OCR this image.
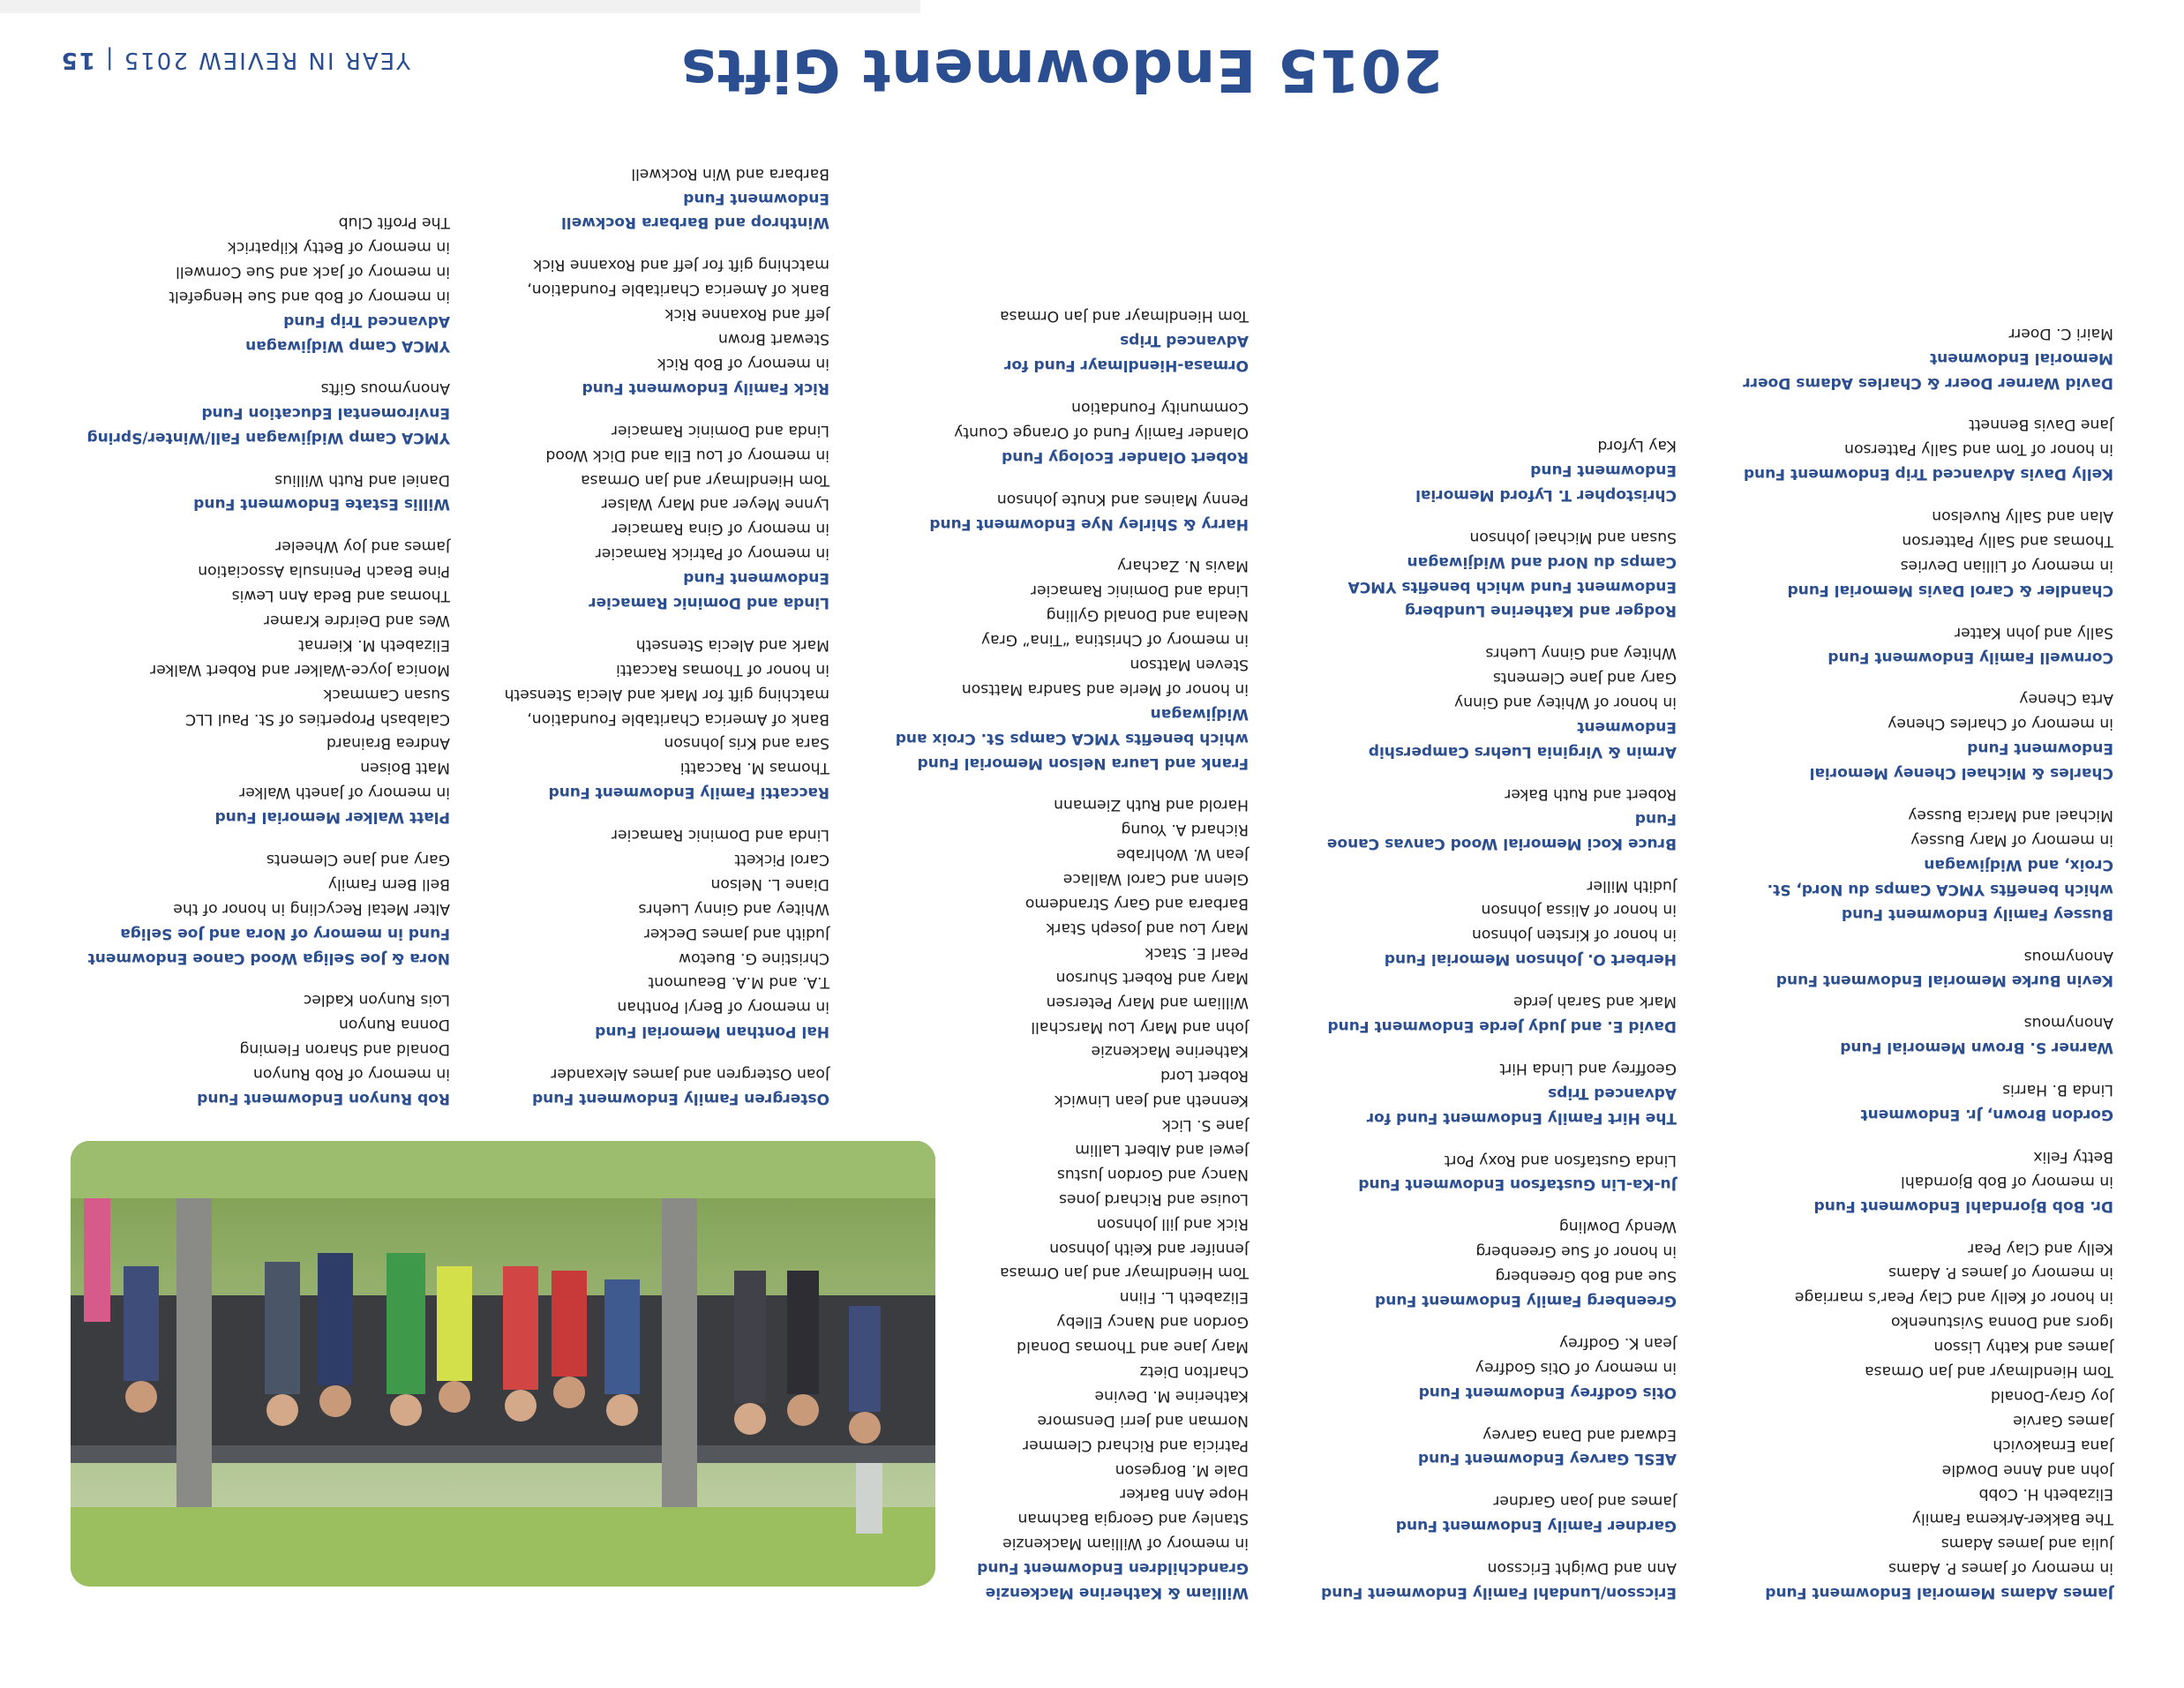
2015 Endowment Gifts
James Adams Memorial Endowment Fund
in memory of James P. Adams
Julia and James Adams
The Bakker-Arkema Family
Elizabeth H. Cobb
John and Anne Dowdle
Jana Ernakovich
James Garvie
Joy Gray-Donald
Tom Hiendlmayr and Jan Ormasa
James and Kathy Lisson
Igors and Donna Svistunenko
in honor of Kelly and Clay Pear’s marriage
in memory of James P. Adams
Kelly and Clay Pear
Dr. Bob Bjorndahl Endowment Fund
in memory of Bob Bjorndahl
Betty Felix
Gordon Brown, Jr. Endowment
Linda B. Harris
Warner S. Brown Memorial Fund
Anonymous
Kevin Burke Memorial Endowment Fund
Anonymous
Bussey Family Endowment Fund
which benefits YMCA Camps du Nord, St.
Croix, and Widjiwagan
in memory of Mary Bussey
Michael and Marcia Bussey
Charles & Michael Cheney Memorial
Endowment Fund
in memory of Charles Cheney
Arta Cheney
Cornwell Family Endowment Fund
Sally and John Katter
Chandler & Carol Davis Memorial Fund
in memory of Lillian Devries
Thomas and Sally Patterson
Alan and Sally Ruvelson
Kelly Davis Advanced Trip Endowment Fund
in honor of Tom and Sally Patterson
Jane Davis Bennett
David Warner Doerr & Charles Adams Doerr
Memorial Endowment
Mairi C. Doerr
Ericsson/Lundahl Family Endowment Fund
Ann and Dwight Ericsson
Gardner Family Endowment Fund
James and Joan Gardner
AESL Garvey Endowment Fund
Edward and Dana Garvey
Otis Godfrey Endowment Fund
in memory of Otis Godfrey
Jean K. Godfrey
Greenberg Family Endowment Fund
Sue and Bob Greenberg
in honor of Sue Greenberg
Wendy Dowling
Ju-Ka-Lin Gustafson Endowment Fund
Linda Gustafson and Roxy Port
The Hirt Family Endowment Fund for
Advanced Trips
Geoffrey and Linda Hirt
David E. and Judy Jerde Endowment Fund
Mark and Sarah Jerde
Herbert O. Johnson Memorial Fund
in honor of Kirsten Johnson
in honor of Alissa Johnson
Judith Miller
Bruce Koci Memorial Wood Canvas Canoe
Fund
Robert and Ruth Baker
Armin & Virginia Luehrs Campership
Endowment
in honor of Whitey and Ginny
Gary and Jane Clements
Whitey and Ginny Luehrs
Rodger and Katherine Lundberg
Endowment Fund which benefits YMCA
Camps du Nord and Widjiwagan
Susan and Michael Johnson
Christopher T. Lyford Memorial
Endowment Fund
Kay Lyford
William & Katherine Mackenzie
Grandchildren Endowment Fund
in memory of William Mackenzie
Stanley and Georgia Bachman
Hope Ann Barker
Dale M. Borgeson
Patricia and Richard Clemmer
Norman and Jerri Densmore
Katherine M. Devine
Charlton Dietz
Mary Jane and Thomas Donald
Gordon and Nancy Elleby
Elizabeth L. Flinn
Tom Hiendlmayr and Jan Ormasa
Jennifer and Keith Johnson
Rick and Jill Johnson
Louise and Richard Jones
Nancy and Gordon Justus
Jewel and Albert Lallim
Jane S. Lick
Kenneth and Jean Linwick
Robert Lord
Katherine Mackenzie
John and Mary Lou Marschall
William and Mary Petersen
Mary and Robert Shurson
Pearl E. Stack
Mary Lou and Joseph Stark
Barbara and Gary Strandemo
Glenn and Carol Wallace
Jean W. Wohlrabe
Richard A. Young
Harold and Ruth Ziemann
Frank and Laura Nelson Memorial Fund
which benefits YMCA Camps St. Croix and
Widjiwagan
in honor of Merle and Sandra Mattson
Steven Mattson
in memory of Christina “Tina” Gray
Nealna and Donald Gylling
Linda and Dominic Ramacier
Mavis N. Zachary
Harry & Shirley Nye Endowment Fund
Penny Maines and Knute Johnson
Robert Olander Ecology Fund
Olander Family Fund of Orange County
Community Foundation
Ormasa-Hiendlmayr Fund for
Advanced Trips
Tom Hiendlmayr and Jan Ormasa
Ostergren Family Endowment Fund
Joan Ostergren and James Alexander
Hal Ponthan Memorial Fund
in memory of Beryl Ponthan
T.A. and M.A. Beaumont
Christine G. Buetow
Judith and James Decker
Whitey and Ginny Luehrs
Diane L. Nelson
Carol Pickett
Linda and Dominic Ramacier
Raccatti Family Endowment Fund
Thomas M. Raccatti
Sara and Kris Johnson
Bank of America Charitable Foundation,
matching gift for Mark and Alecia Stenseth
in honor of Thomas Raccatti
Mark and Alecia Stenseth
Linda and Dominic Ramacier
Endowment Fund
in memory of Patrick Ramacier
in memory of Gina Ramacier
Lynne Meyer and Mary Walser
Tom Hiendlmayr and Jan Ormasa
in memory of Lou Ella and Dick Wood
Linda and Dominic Ramacier
Rick Family Endowment Fund
in memory of Bob Rick
Stewart Brown
Jeff and Roxanne Rick
Bank of America Charitable Foundation,
matching gift for Jeff and Roxanne Rick
Winthrop and Barbara Rockwell
Endowment Fund
Barbara and Win Rockwell
Rob Runyon Endowment Fund
in memory of Rob Runyon
Donald and Sharon Fleming
Donna Runyon
Lois Runyon Kadlec
Nora & Joe Seliga Wood Canoe Endowment
Fund in memory of Nora and Joe Seliga
Alter Metal Recycling in honor of the
Bell Bern Family
Gary and Jane Clements
Platt Walker Memorial Fund
in memory of Janeth Walker
Matt Boisen
Andrea Brainard
Calabash Properties of St. Paul LLC
Susan Cammack
Monica Joyce-Walker and Robert Walker
Elizabeth M. Kiernat
Wes and Deirdre Kramer
Thomas and Beda Ann Lewis
Pine Beach Peninsula Association
James and Joy Wheeler
Willis Estate Endowment Fund
Daniel and Ruth Willius
YMCA Camp Widjiwagan Fall/Winter/Spring
Enviromental Education Fund
Anonymous Gifts
YMCA Camp Widjiwagan
Advanced Trip Fund
in memory of Bob and Sue Hengefelt
in memory of Jack and Sue Cornwell
in memory of Betty Kilpatrick
The Profit Club
YEAR IN REVIEW 2015|15
